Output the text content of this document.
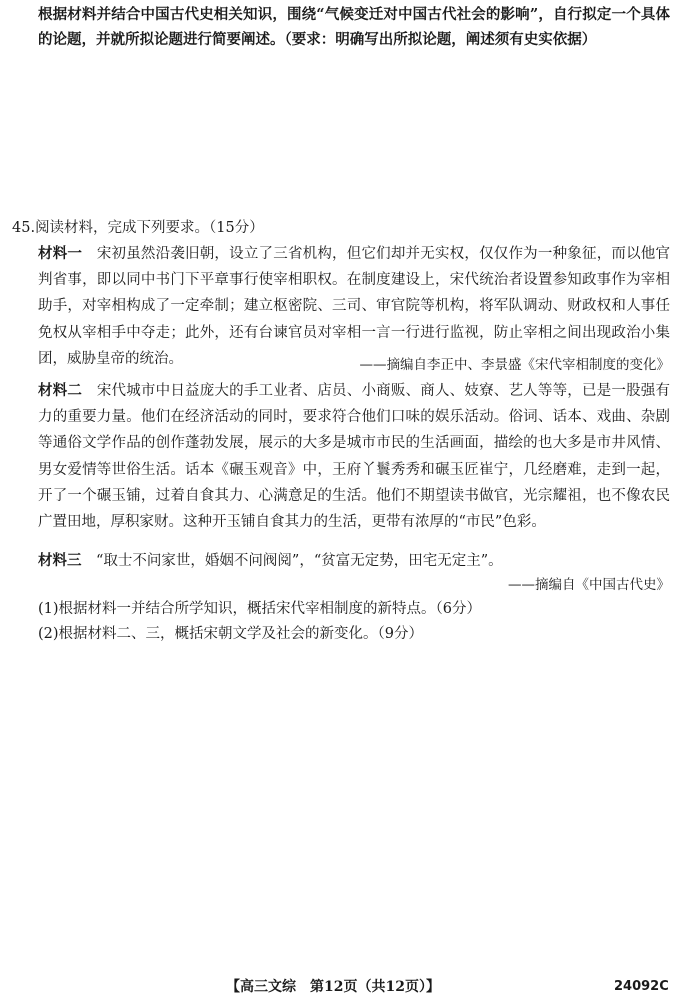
根据材料并结合中国古代史相关知识，围绕“气候变迁对中国古代社会的影响”，自行拟定一个具体的论题，并就所拟论题进行简要阐述。（要求：明确写出所拟论题，阐述须有史实依据）

45.阅读材料，完成下列要求。（15分）
材料一　 宋初虽然沿袭旧朝，设立了三省机构，但它们却并无实权，仅仅作为一种象征，而以他官判省事，即以同中书门下平章事行使宰相职权。在制度建设上，宋代统治者设置参知政事作为宰相助手，对宰相构成了一定牵制；建立枢密院、三司、审官院等机构，将军队调动、财政权和人事任免权从宰相手中夺走；此外，还有台谏官员对宰相一言一行进行监视，防止宰相之间出现政治小集团，威胁皇帝的统治。	——摘编自李正中、李景盛《宋代宰相制度的变化》
材料二　 宋代城市中日益庞大的手工业者、店员、小商贩、商人、妓寮、艺人等等，已是一股强有力的重要力量。他们在经济活动的同时，要求符合他们口味的娱乐活动。俗词、话本、戏曲、杂剧等通俗文学作品的创作蓬勃发展，展示的大多是城市市民的生活画面，描绘的也大多是市井风情、男女爱情等世俗生活。话本《碾玉观音》中，王府丫鬟秀秀和碾玉匠崔宁，几经磨难，走到一起，开了一个碾玉铺，过着自食其力、心满意足的生活。他们不期望读书做官，光宗耀祖，也不像农民广置田地，厚积家财。这种开玉铺自食其力的生活，更带有浓厚的“市民”色彩。
材料三　 “取士不问家世，婚姻不问阀阅”，“贫富无定势，田宅无定主”。
——摘编自《中国古代史》
(1)根据材料一并结合所学知识，概括宋代宰相制度的新特点。（6分）
(2)根据材料二、三，概括宋朝文学及社会的新变化。（9分）
【高三文综　第12页（共12页）】	24092C
